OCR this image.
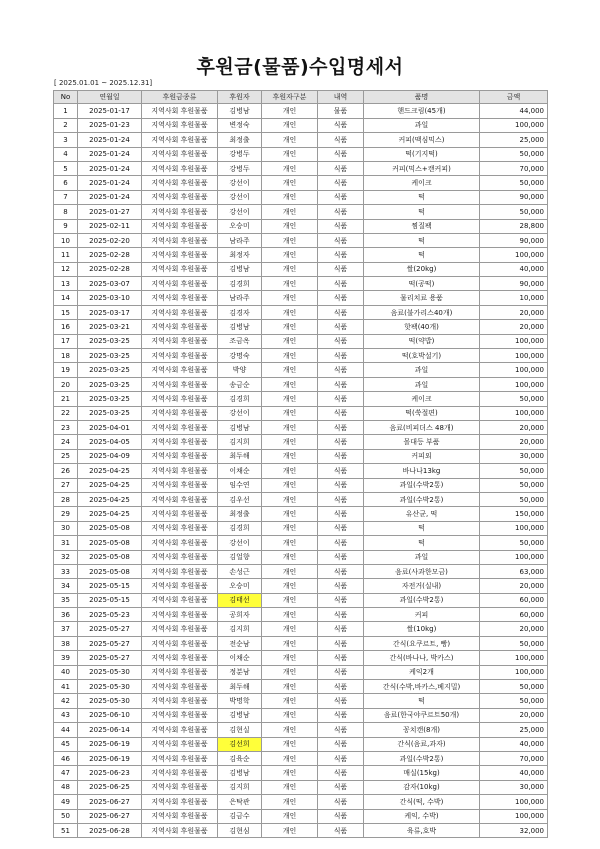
후원금(물품)수입명세서
[ 2025.01.01 ~ 2025.12.31]
No	연월일	후원금종류	후원자	후원자구분	내역	품명	금액
1	2025-01-17	지역사회 후원물품	김병남	개인	물품	핸드크림(45개)	44,000
2	2025-01-23	지역사회 후원물품	변정숙	개인	식품	과일	100,000
3	2025-01-24	지역사회 후원물품	최정출	개인	식품	커피(맥심믹스)	25,000
4	2025-01-24	지역사회 후원물품	강병두	개인	식품	떡(기지떡)	50,000
5	2025-01-24	지역사회 후원물품	강병두	개인	식품	커피(믹스+캔커피)	70,000
6	2025-01-24	지역사회 후원물품	강선이	개인	식품	케이크	50,000
7	2025-01-24	지역사회 후원물품	강선이	개인	식품	떡	90,000
8	2025-01-27	지역사회 후원물품	강선이	개인	식품	떡	50,000
9	2025-02-11	지역사회 후원물품	오승미	개인	식품	찜질팩	28,800
10	2025-02-20	지역사회 후원물품	남라주	개인	식품	떡	90,000
11	2025-02-28	지역사회 후원물품	최정자	개인	식품	떡	100,000
12	2025-02-28	지역사회 후원물품	김병남	개인	식품	쌀(20kg)	40,000
13	2025-03-07	지역사회 후원물품	김경희	개인	식품	떡(공떡)	90,000
14	2025-03-10	지역사회 후원물품	남라주	개인	식품	물리치료 용품	10,000
15	2025-03-17	지역사회 후원물품	김경자	개인	식품	음료(불가리스40개)	20,000
16	2025-03-21	지역사회 후원물품	김병남	개인	식품	핫팩(40개)	20,000
17	2025-03-25	지역사회 후원물품	조금옥	개인	식품	떡(약밥)	100,000
18	2025-03-25	지역사회 후원물품	강명숙	개인	식품	떡(호박설기)	100,000
19	2025-03-25	지역사회 후원물품	박양	개인	식품	과일	100,000
20	2025-03-25	지역사회 후원물품	송금순	개인	식품	과일	100,000
21	2025-03-25	지역사회 후원물품	김경희	개인	식품	케이크	50,000
22	2025-03-25	지역사회 후원물품	강선이	개인	식품	떡(쑥절편)	100,000
23	2025-04-01	지역사회 후원물품	김병남	개인	식품	음료(비피더스 48개)	20,000
24	2025-04-05	지역사회 후원물품	김지희	개인	식품	몰대등 부품	20,000
25	2025-04-09	지역사회 후원물품	최두해	개인	식품	커피외	30,000
26	2025-04-25	지역사회 후원물품	이채순	개인	식품	바나나13kg	50,000
27	2025-04-25	지역사회 후원물품	임수연	개인	식품	과일(수박2통)	50,000
28	2025-04-25	지역사회 후원물품	김우선	개인	식품	과일(수박2통)	50,000
29	2025-04-25	지역사회 후원물품	최정출	개인	식품	유산균, 떡	150,000
30	2025-05-08	지역사회 후원물품	김경희	개인	식품	떡	100,000
31	2025-05-08	지역사회 후원물품	강선이	개인	식품	떡	50,000
32	2025-05-08	지역사회 후원물품	김얼향	개인	식품	과일	100,000
33	2025-05-08	지역사회 후원물품	손성근	개인	식품	음료(사과한모금)	63,000
34	2025-05-15	지역사회 후원물품	오승미	개인	식품	자전거(실내)	20,000
35	2025-05-15	지역사회 후원물품	김태선	개인	식품	과일(수박2통)	60,000
36	2025-05-23	지역사회 후원물품	공희자	개인	식품	커피	60,000
37	2025-05-27	지역사회 후원물품	김지희	개인	식품	쌀(10kg)	20,000
38	2025-05-27	지역사회 후원물품	전순남	개인	식품	간식(요쿠르트, 빵)	50,000
39	2025-05-27	지역사회 후원물품	이채순	개인	식품	간식(바나나, 박카스)	100,000
40	2025-05-30	지역사회 후원물품	정분남	개인	식품	케익2개	100,000
41	2025-05-30	지역사회 후원물품	최두해	개인	식품	간식(수박,바카스,베지밀)	50,000
42	2025-05-30	지역사회 후원물품	박명학	개인	식품	떡	50,000
43	2025-06-10	지역사회 후원물품	김병남	개인	식품	음료(한국야쿠르트50개)	20,000
44	2025-06-14	지역사회 후원물품	김현실	개인	식품	꽁치캔(8개)	25,000
45	2025-06-19	지역사회 후원물품	김선희	개인	식품	간식(음료,과자)	40,000
46	2025-06-19	지역사회 후원물품	김육순	개인	식품	과일(수박2통)	70,000
47	2025-06-23	지역사회 후원물품	김병남	개인	식품	매실(15kg)	40,000
48	2025-06-25	지역사회 후원물품	김지희	개인	식품	감자(10kg)	30,000
49	2025-06-27	지역사회 후원물품	은탁관	개인	식품	간식(떡, 수박)	100,000
50	2025-06-27	지역사회 후원물품	김금수	개인	식품	케익, 수박)	100,000
51	2025-06-28	지역사회 후원물품	김현심	개인	식품	육류,호박	32,000
